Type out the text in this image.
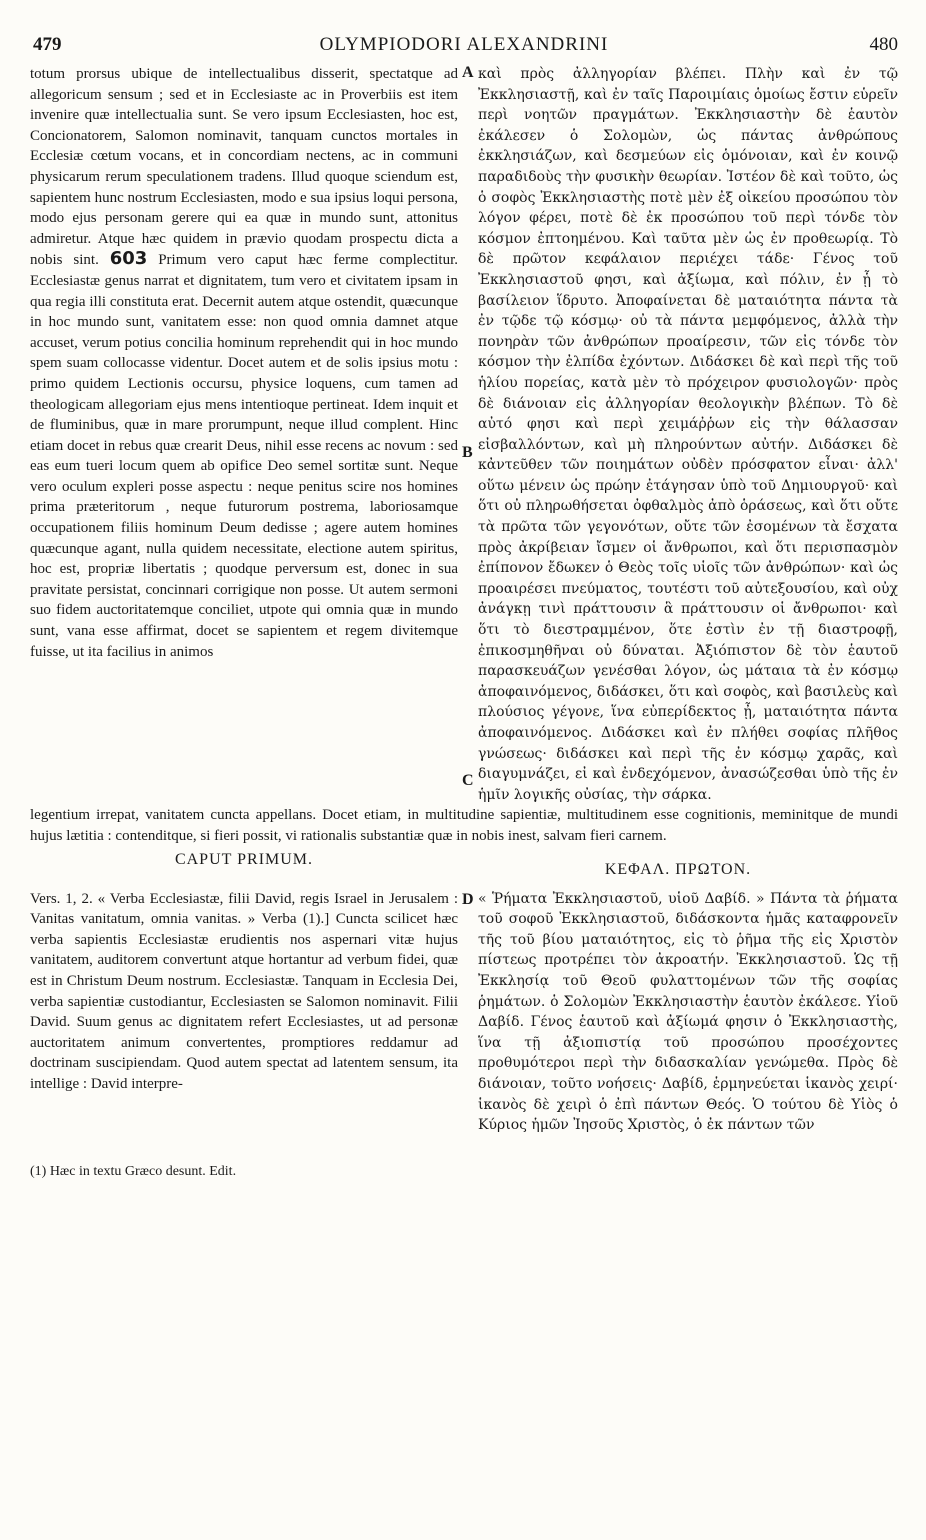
479	OLYMPIODORI ALEXANDRINI	480

totum prorsus ubique de intellectualibus disserit, spectatque ad allegoricum sensum ; sed et in Ecclesiaste ac in Proverbiis est item invenire quæ intellectualia sunt. Se vero ipsum Ecclesiasten, hoc est, Concionatorem, Salomon nominavit, tanquam cunctos mortales in Ecclesiæ cœtum vocans, et in concordiam nectens, ac in communi physicarum rerum speculationem tradens. Illud quoque sciendum est, sapientem hunc nostrum Ecclesiasten, modo e sua ipsius loqui persona, modo ejus personam gerere qui ea quæ in mundo sunt, attonitus admiretur. Atque hæc quidem in prævio quodam prospectu dicta a nobis sint. 603 Primum vero caput hæc ferme complectitur. Ecclesiastæ genus narrat et dignitatem, tum vero et civitatem ipsam in qua regia illi constituta erat. Decernit autem atque ostendit, quæcunque in hoc mundo sunt, vanitatem esse: non quod omnia damnet atque accuset, verum potius concilia hominum reprehendit qui in hoc mundo spem suam collocasse videntur. Docet autem et de solis ipsius motu : primo quidem Lectionis occursu, physice loquens, cum tamen ad theologicam allegoriam ejus mens intentioque pertineat. Idem inquit et de fluminibus, quæ in mare prorumpunt, neque illud complent. Hinc etiam docet in rebus quæ crearit Deus, nihil esse recens ac novum : sed eas eum tueri locum quem ab opifice Deo semel sortitæ sunt. Neque vero oculum expleri posse aspectu : neque penitus scire nos homines prima præteritorum , neque futurorum postrema, laboriosamque occupationem filiis hominum Deum dedisse ; agere autem homines quæcunque agant, nulla quidem necessitate, electione autem spiritus, hoc est, propriæ libertatis ; quodque perversum est, donec in sua pravitate persistat, concinnari corrigique non posse. Ut autem sermoni suo fidem auctoritatemque conciliet, utpote qui omnia quæ in mundo sunt, vana esse affirmat, docet se sapientem et regem divitemque fuisse, ut ita facilius in animos

A
B
C

καὶ πρὸς ἀλληγορίαν βλέπει. Πλὴν καὶ ἐν τῷ Ἐκκλησιαστῇ, καὶ ἐν ταῖς Παροιμίαις ὁμοίως ἔστιν εὑρεῖν περὶ νοητῶν πραγμάτων. Ἐκκλησιαστὴν δὲ ἑαυτὸν ἐκάλεσεν ὁ Σολομὼν, ὡς πάντας ἀνθρώπους ἐκκλησιάζων, καὶ δεσμεύων εἰς ὁμόνοιαν, καὶ ἐν κοινῷ παραδιδοὺς τὴν φυσικὴν θεωρίαν. Ἰστέον δὲ καὶ τοῦτο, ὡς ὁ σοφὸς Ἐκκλησιαστὴς ποτὲ μὲν ἐξ οἰκείου προσώπου τὸν λόγον φέρει, ποτὲ δὲ ἐκ προσώπου τοῦ περὶ τόνδε τὸν κόσμον ἐπτοημένου. Καὶ ταῦτα μὲν ὡς ἐν προθεωρίᾳ. Τὸ δὲ πρῶτον κεφάλαιον περιέχει τάδε· Γένος τοῦ Ἐκκλησιαστοῦ φησι, καὶ ἀξίωμα, καὶ πόλιν, ἐν ᾗ τὸ βασίλειον ἵδρυτο. Ἀποφαίνεται δὲ ματαιότητα πάντα τὰ ἐν τῷδε τῷ κόσμῳ· οὐ τὰ πάντα μεμφόμενος, ἀλλὰ τὴν πονηρὰν τῶν ἀνθρώπων προαίρεσιν, τῶν εἰς τόνδε τὸν κόσμον τὴν ἐλπίδα ἐχόντων. Διδάσκει δὲ καὶ περὶ τῆς τοῦ ἡλίου πορείας, κατὰ μὲν τὸ πρόχειρον φυσιολογῶν· πρὸς δὲ διάνοιαν εἰς ἀλληγορίαν θεολογικὴν βλέπων. Τὸ δὲ αὐτό φησι καὶ περὶ χειμάῤῥων εἰς τὴν θάλασσαν εἰσβαλλόντων, καὶ μὴ πληρούντων αὐτήν. Διδάσκει δὲ κἀντεῦθεν τῶν ποιημάτων οὐδὲν πρόσφατον εἶναι· ἀλλ' οὕτω μένειν ὡς πρώην ἐτάγησαν ὑπὸ τοῦ Δημιουργοῦ· καὶ ὅτι οὐ πληρωθήσεται ὀφθαλμὸς ἀπὸ ὁράσεως, καὶ ὅτι οὔτε τὰ πρῶτα τῶν γεγονότων, οὔτε τῶν ἐσομένων τὰ ἔσχατα πρὸς ἀκρίβειαν ἴσμεν οἱ ἄνθρωποι, καὶ ὅτι περισπασμὸν ἐπίπονον ἔδωκεν ὁ Θεὸς τοῖς υἱοῖς τῶν ἀνθρώπων· καὶ ὡς προαιρέσει πνεύματος, τουτέστι τοῦ αὐτεξουσίου, καὶ οὐχ ἀνάγκῃ τινὶ πράττουσιν ἃ πράττουσιν οἱ ἄνθρωποι· καὶ ὅτι τὸ διεστραμμένον, ὅτε ἐστὶν ἐν τῇ διαστροφῇ, ἐπικοσμηθῆναι οὐ δύναται. Ἀξιόπιστον δὲ τὸν ἑαυτοῦ παρασκευάζων γενέσθαι λόγον, ὡς μάταια τὰ ἐν κόσμῳ ἀποφαινόμενος, διδάσκει, ὅτι καὶ σοφὸς, καὶ βασιλεὺς καὶ πλούσιος γέγονε, ἵνα εὐπερίδεκτος ᾖ, ματαιότητα πάντα ἀποφαινόμενος. Διδάσκει καὶ ἐν πλήθει σοφίας πλῆθος γνώσεως· διδάσκει καὶ περὶ τῆς ἐν κόσμῳ χαρᾶς, καὶ διαγυμνάζει, εἰ καὶ ἐνδεχόμενον, ἀνασώζεσθαι ὑπὸ τῆς ἐν ἡμῖν λογικῆς οὐσίας, τὴν σάρκα.

legentium irrepat, vanitatem cuncta appellans. Docet etiam, in multitudine sapientiæ, multitudinem esse cognitionis, meminitque de mundi hujus lætitia : contenditque, si fieri possit, vi rationalis substantiæ quæ in nobis inest, salvam fieri carnem.

CAPUT PRIMUM.
ΚΕΦΑΛ. ΠΡΩΤΟΝ.

Vers. 1, 2. « Verba Ecclesiastæ, filii David, regis Israel in Jerusalem : Vanitas vanitatum, omnia vanitas. » Verba (1).] Cuncta scilicet hæc verba sapientis Ecclesiastæ erudientis nos aspernari vitæ hujus vanitatem, auditorem convertunt atque hortantur ad verbum fidei, quæ est in Christum Deum nostrum. Ecclesiastæ. Tanquam in Ecclesia Dei, verba sapientiæ custodiantur, Ecclesiasten se Salomon nominavit. Filii David. Suum genus ac dignitatem refert Ecclesiastes, ut ad personæ auctoritatem animum convertentes, promptiores reddamur ad doctrinam suscipiendam. Quod autem spectat ad latentem sensum, ita intellige : David interpre-

D « Ῥήματα Ἐκκλησιαστοῦ, υἱοῦ Δαβίδ. » Πάντα τὰ ῥήματα τοῦ σοφοῦ Ἐκκλησιαστοῦ, διδάσκοντα ἡμᾶς καταφρονεῖν τῆς τοῦ βίου ματαιότητος, εἰς τὸ ῥῆμα τῆς εἰς Χριστὸν πίστεως προτρέπει τὸν ἀκροατήν. Ἐκκλησιαστοῦ. Ὡς τῇ Ἐκκλησίᾳ τοῦ Θεοῦ φυλαττομένων τῶν τῆς σοφίας ῥημάτων. ὁ Σολομὼν Ἐκκλησιαστὴν ἑαυτὸν ἐκάλεσε. Υἱοῦ Δαβίδ. Γένος ἑαυτοῦ καὶ ἀξίωμά φησιν ὁ Ἐκκλησιαστὴς, ἵνα τῇ ἀξιοπιστίᾳ τοῦ προσώπου προσέχοντες προθυμότεροι περὶ τὴν διδασκαλίαν γενώμεθα. Πρὸς δὲ διάνοιαν, τοῦτο νοήσεις· Δαβίδ, ἑρμηνεύεται ἱκανὸς χειρί· ἱκανὸς δὲ χειρὶ ὁ ἐπὶ πάντων Θεός. Ὁ τούτου δὲ Υἱὸς ὁ Κύριος ἡμῶν Ἰησοῦς Χριστὸς, ὁ ἐκ πάντων τῶν

(1) Hæc in textu Græco desunt. Edit.
